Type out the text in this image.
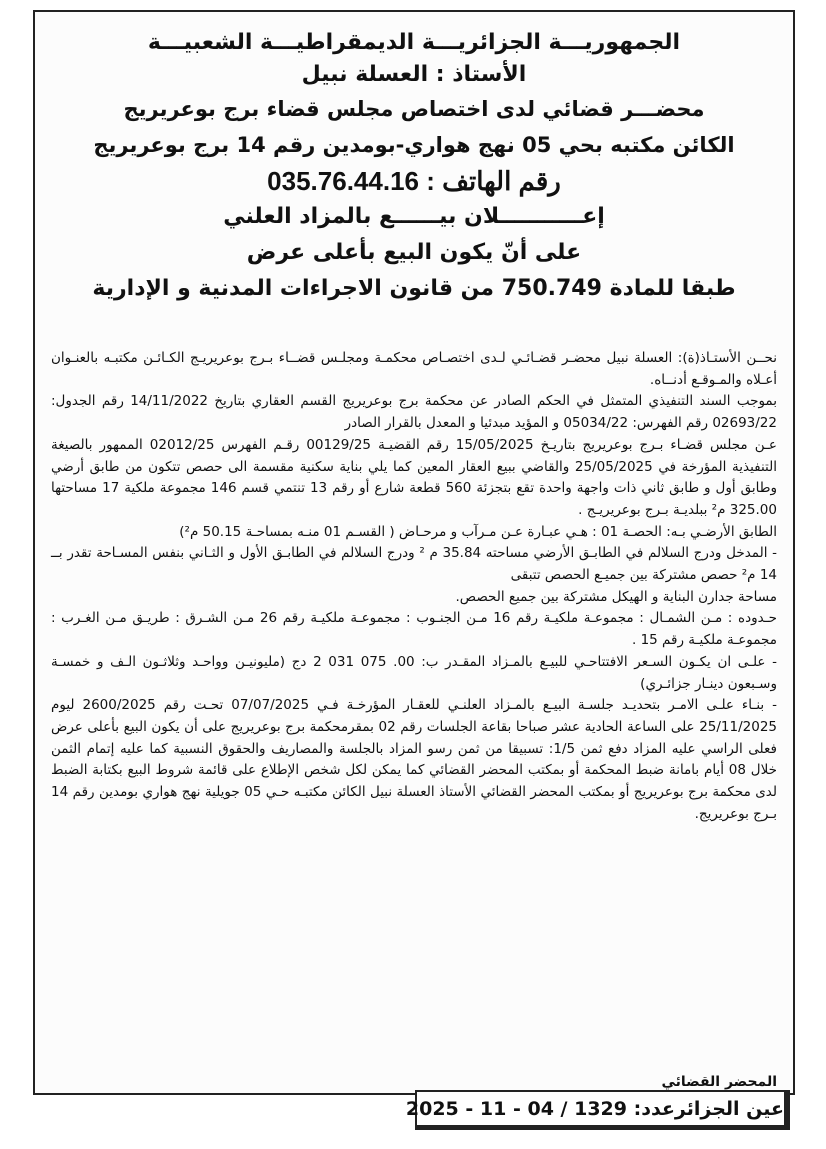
الجمهوريـــة الجزائريـــة الديمقراطيـــة الشعبيـــة
الأستاذ : العسلة نبيل
محضـــر قضائي لدى اختصاص مجلس قضاء برج بوعريريج
الكائن مكتبه بحي 05 نهج هواري-بومدين رقم 14 برج بوعريريج
رقم الهاتف : 035.76.44.16
إعـــــــــــلان بيــــــع بالمزاد العلني
على أنّ يكون البيع بأعلى عرض
طبقا للمادة 750.749 من قانون الاجراءات المدنية و الإدارية

نحــن الأستـاذ(ة): العسلة نبيل محضـر قضـائـي لـدى اختصـاص محكمـة ومجلـس قضــاء بـرج بوعريريـج الكـائـن مكتبـه بالعنـوان أعـلاه والمـوقـع أدنــاه.

بموجب السند التنفيذي المتمثل في الحكم الصادر عن محكمة برج بوعريريج القسم العقاري بتاريخ 14/11/2022 رقم الجدول: 02693/22 رقم الفهرس: 05034/22 و المؤيد مبدئيا و المعدل بالقرار الصادر

عـن مجلس قضـاء بـرج بوعريريج بتاريـخ 15/05/2025 رقم القضيـة 00129/25 رقـم الفهرس 02012/25 الممهور بالصيغة التنفيذية المؤرخة في 25/05/2025 والقاضي ببيع العقار المعين كما يلي بناية سكنية مقسمة الى حصص تتكون من طابق أرضي وطابق أول و طابق ثاني ذات واجهة واحدة تقع بتجزئة 560 قطعة شارع أو رقم 13 تنتمي قسم 146 مجموعة ملكية 17 مساحتها 325.00 م² ببلديـة بـرج بوعريريـج .

الطابق الأرضـي بـه: الحصـة 01 : هـي عبـارة عـن مـرآب و مرحـاض ( القسـم 01 منـه بمساحـة 50.15 م²)

- المدخل ودرج السلالم في الطابـق الأرضي مساحته 35.84 م ² ودرج السلالم في الطابـق الأول و الثـاني بنفس المسـاحة تقدر بــ 14 م² حصص مشتركة بين جميـع الحصص تتبقى

مساحة جدارن البناية و الهيكل مشتركة بين جميع الحصص.

حـدوده : مـن الشمـال : مجموعـة ملكيـة رقم 16 مـن الجنـوب : مجموعـة ملكيـة رقم 26 مـن الشـرق : طريـق مـن الغـرب : مجموعـة ملكيـة رقم 15 .

- علـى ان يكـون السـعر الافتتاحـي للبيـع بالمـزاد المقـدر ب: 00. 075 031 2 دج (مليونيـن وواحـد وثلاثـون الـف و خمسـة وسـبعون دينـار جزائـري)

- بنـاء علـى الامـر بتحديـد جلسـة البيـع بالمـزاد العلنـي للعقـار المؤرخـة فـي 07/07/2025 تحـت رقم 2600/2025 ليوم 25/11/2025 على الساعة الحادية عشر صباحا بقاعة الجلسات رقم 02 بمقرمحكمة برج بوعريريج على أن يكون البيع بأعلى عرض فعلى الراسي عليه المزاد دفع ثمن 1/5: تسبيقا من ثمن رسو المزاد بالجلسة والمصاريف والحقوق النسبية كما عليه إتمام الثمن خلال 08 أيام بامانة ضبط المحكمة أو بمكتب المحضر القضائي كما يمكن لكل شخص الإطلاع على قائمة شروط البيع بكتابة الضبط لدى محكمة برج بوعريريج أو بمكتب المحضر القضائي الأستاذ العسلة نبيل الكائن مكتبـه حـي 05 جويلية نهج هواري بومدين رقم 14 بـرج بوعريريج.

المحضر القضائي
عين الجزائرعدد: 1329 / 04 - 11 - 2025
